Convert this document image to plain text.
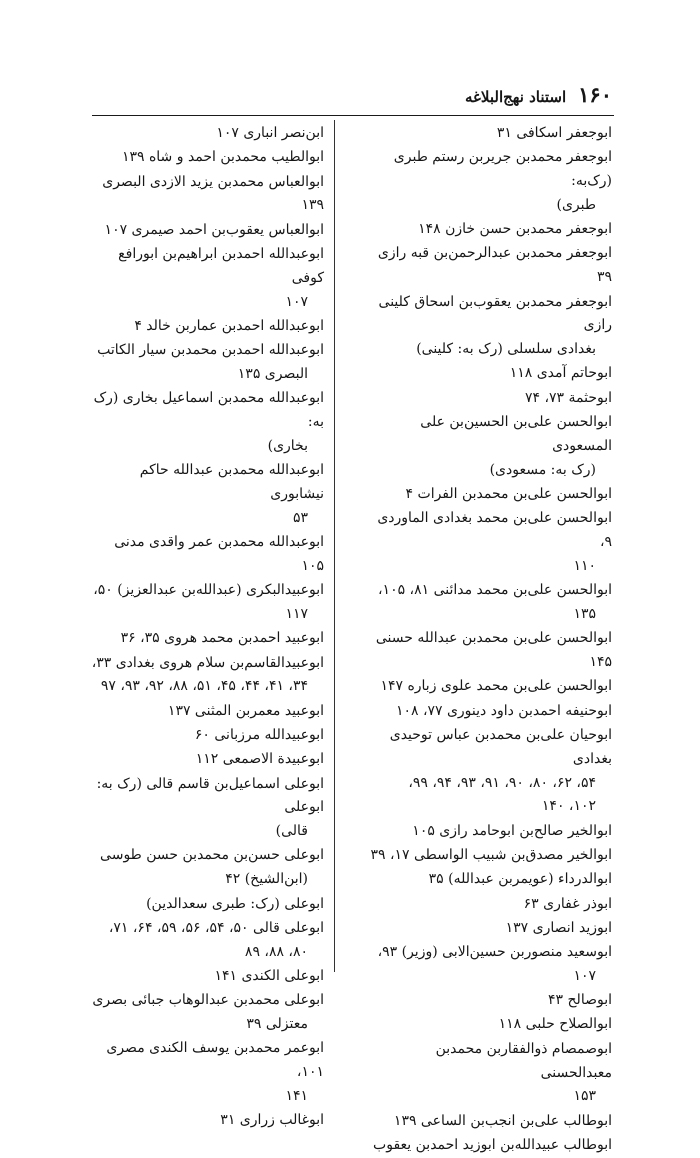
۱۶۰
استناد نهج‌البلاغه
ابوجعفر اسکافی ۳۱
ابوجعفر محمدبن جریربن رستم طبری (رک‌به:
طبری)
ابوجعفر محمدبن حسن خازن ۱۴۸
ابوجعفر محمدبن عبدالرحمن‌بن قبه رازی ۳۹
ابوجعفر محمدبن یعقوب‌بن اسحاق کلینی رازی
بغدادی سلسلی (رک به: کلینی)
ابوحاتم آمدی ۱۱۸
ابوحثمة ۷۳، ۷۴
ابوالحسن علی‌بن الحسین‌بن علی المسعودی
(رک به: مسعودی)
ابوالحسن علی‌بن محمدبن الفرات ۴
ابوالحسن علی‌بن محمد بغدادی الماوردی ۹،
۱۱۰
ابوالحسن علی‌بن محمد مدائنی ۸۱، ۱۰۵،
۱۳۵
ابوالحسن علی‌بن محمدبن عبدالله حسنی ۱۴۵
ابوالحسن علی‌بن محمد علوی زباره ۱۴۷
ابوحنیفه احمدبن داود دینوری ۷۷، ۱۰۸
ابوحیان علی‌بن محمدبن عباس توحیدی بغدادی
۵۴، ۶۲، ۸۰، ۹۰، ۹۱، ۹۳، ۹۴، ۹۹،
۱۰۲، ۱۴۰
ابوالخیر صالح‌بن ابوحامد رازی ۱۰۵
ابوالخیر مصدق‌بن شبیب الواسطی ۱۷، ۳۹
ابوالدرداء (عویمربن عبدالله) ۳۵
ابوذر غفاری ۶۳
ابوزید انصاری ۱۳۷
ابوسعید منصوربن حسین‌الابی (وزیر) ۹۳،
۱۰۷
ابوصالح ۴۳
ابوالصلاح حلبی ۱۱۸
ابوصمصام ذوالفقاربن محمدبن معبدالحسنی
۱۵۳
ابوطالب علی‌بن انجب‌بن الساعی ۱۳۹
ابوطالب عبیدالله‌بن ابوزید احمدبن یعقوب
ابن‌نصر انباری ۱۰۷
ابوالطیب محمدبن احمد و شاه ۱۳۹
ابوالعباس محمدبن یزید الازدی البصری ۱۳۹
ابوالعباس یعقوب‌بن احمد صیمری ۱۰۷
ابوعبدالله احمدبن ابراهیم‌بن ابورافع کوفی
۱۰۷
ابوعبدالله احمدبن عماربن خالد ۴
ابوعبدالله احمدبن محمدبن سیار الکاتب
البصری ۱۳۵
ابوعبدالله محمدبن اسماعیل بخاری (رک به:
بخاری)
ابوعبدالله محمدبن عبدالله حاکم نیشابوری
۵۳
ابوعبدالله محمدبن عمر واقدی مدنی ۱۰۵
ابوعبیدالبکری (عبدالله‌بن عبدالعزیز) ۵۰،
۱۱۷
ابوعبید احمدبن محمد هروی ۳۵، ۳۶
ابوعبیدالقاسم‌بن سلام هروی بغدادی ۳۳،
۳۴، ۴۱، ۴۴، ۴۵، ۵۱، ۸۸، ۹۲، ۹۳، ۹۷
ابوعبید معمربن المثنی ۱۳۷
ابوعبیدالله مرزبانی ۶۰
ابوعبیدة الاصمعی ۱۱۲
ابوعلی اسماعیل‌بن قاسم قالی (رک به: ابوعلی
قالی)
ابوعلی حسن‌بن محمدبن حسن طوسی
(ابن‌الشیخ) ۴۲
ابوعلی (رک: طبری سعدالدین)
ابوعلی قالی ۵۰، ۵۴، ۵۶، ۵۹، ۶۴، ۷۱،
۸۰، ۸۸، ۸۹
ابوعلی الکندی ۱۴۱
ابوعلی محمدبن عبدالوهاب جبائی بصری
معتزلی ۳۹
ابوعمر محمدبن یوسف الکندی مصری ۱۰۱،
۱۴۱
ابوغالب زراری ۳۱
